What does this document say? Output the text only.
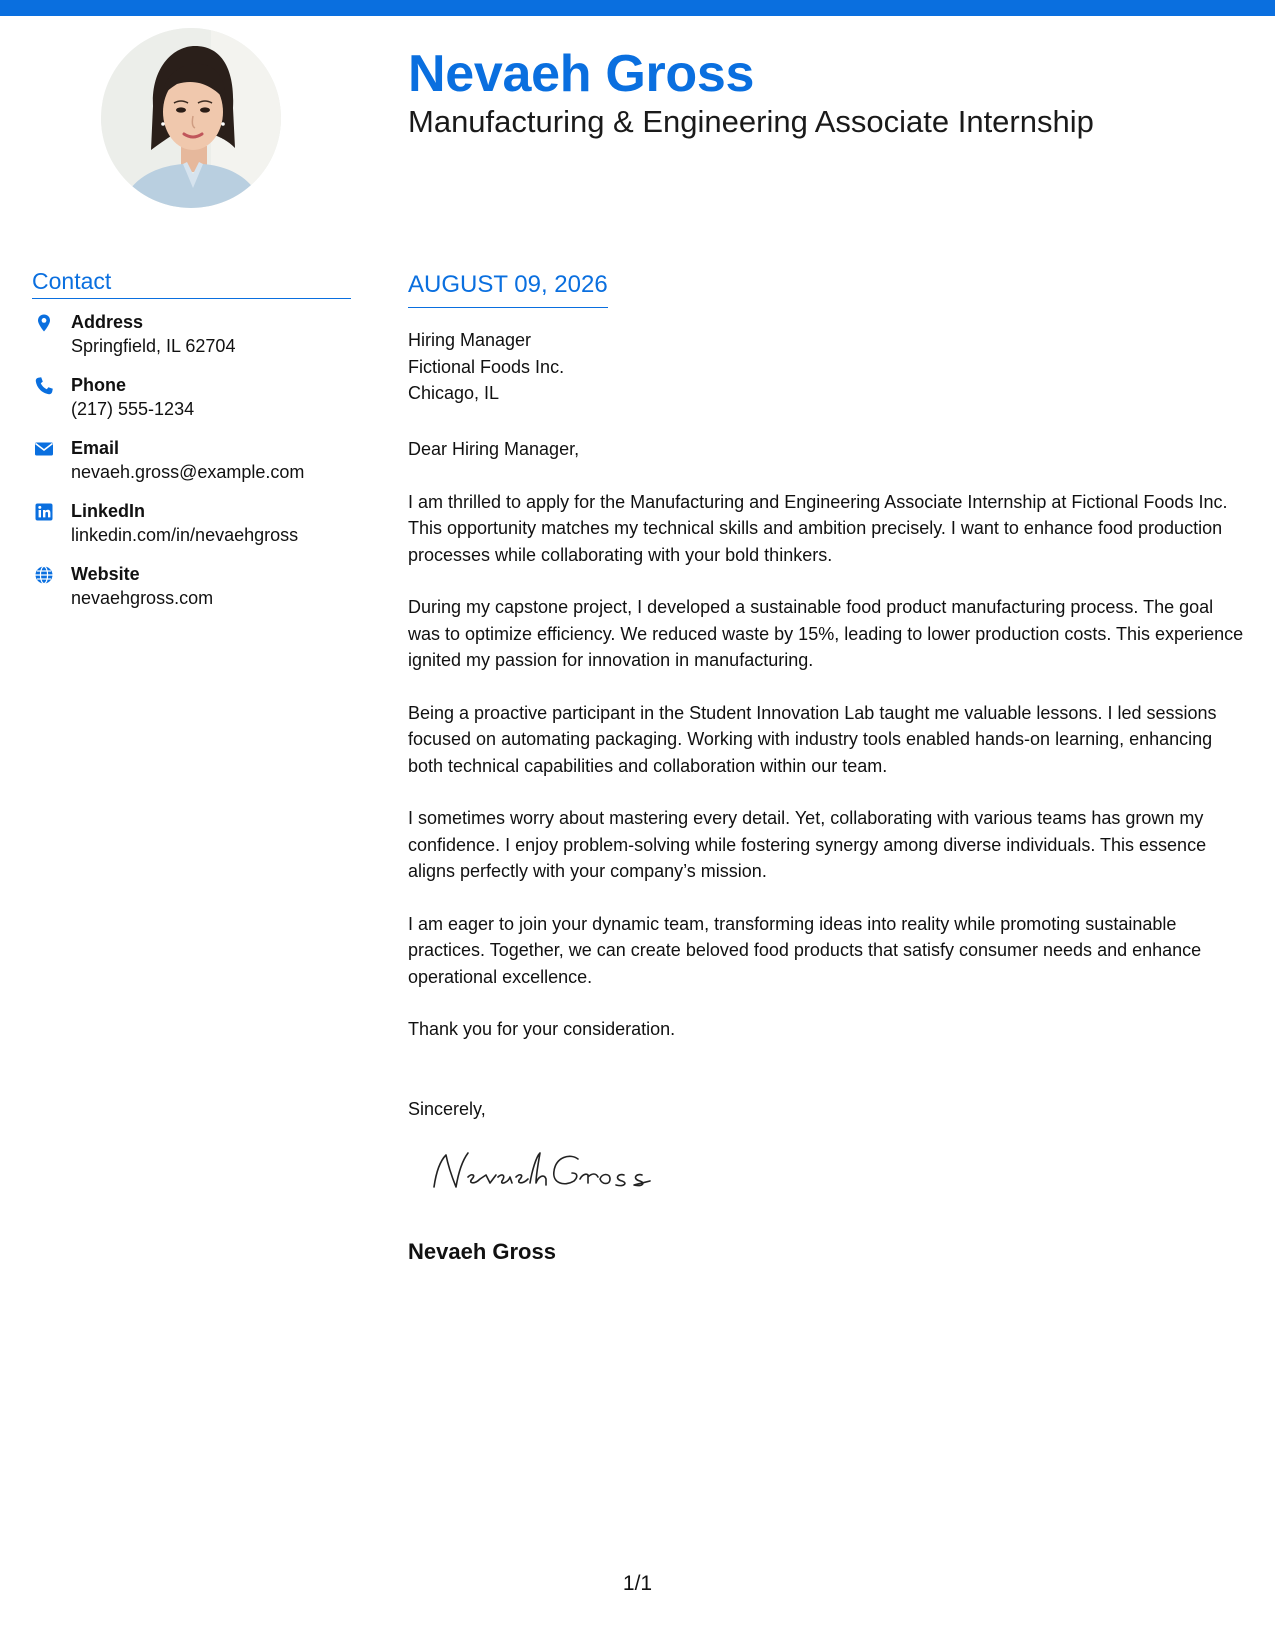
Nevaeh Gross
Manufacturing & Engineering Associate Internship
Contact
Address
Springfield, IL 62704
Phone
(217) 555-1234
Email
nevaeh.gross@example.com
LinkedIn
linkedin.com/in/nevaehgross
Website
nevaehgross.com
AUGUST 09, 2026
Hiring Manager
Fictional Foods Inc.
Chicago, IL

Dear Hiring Manager,

I am thrilled to apply for the Manufacturing and Engineering Associate Internship at Fictional Foods Inc. This opportunity matches my technical skills and ambition precisely. I want to enhance food production processes while collaborating with your bold thinkers.

During my capstone project, I developed a sustainable food product manufacturing process. The goal was to optimize efficiency. We reduced waste by 15%, leading to lower production costs. This experience ignited my passion for innovation in manufacturing.

Being a proactive participant in the Student Innovation Lab taught me valuable lessons. I led sessions focused on automating packaging. Working with industry tools enabled hands-on learning, enhancing both technical capabilities and collaboration within our team.

I sometimes worry about mastering every detail. Yet, collaborating with various teams has grown my confidence. I enjoy problem-solving while fostering synergy among diverse individuals. This essence aligns perfectly with your company’s mission.

I am eager to join your dynamic team, transforming ideas into reality while promoting sustainable practices. Together, we can create beloved food products that satisfy consumer needs and enhance operational excellence.

Thank you for your consideration.

Sincerely,
Nevaeh Gross
1/1
